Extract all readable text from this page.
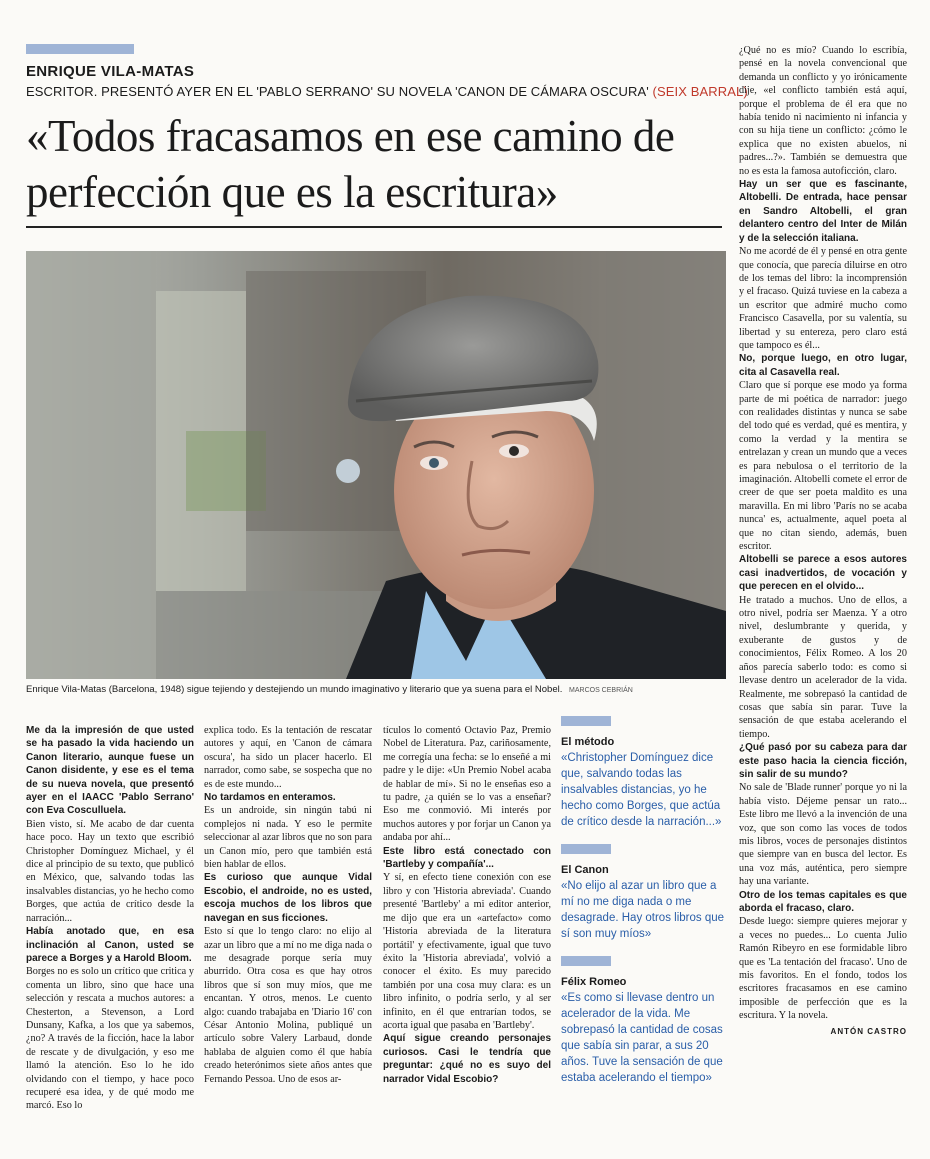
ENRIQUE VILA-MATAS
ESCRITOR. PRESENTÓ AYER EN EL 'PABLO SERRANO' SU NOVELA 'CANON DE CÁMARA OSCURA' (SEIX BARRAL)
«Todos fracasamos en ese camino de perfección que es la escritura»
Enrique Vila-Matas (Barcelona, 1948) sigue tejiendo y destejiendo un mundo imaginativo y literario que ya suena para el Nobel. MARCOS CEBRIÁN

Me da la impresión de que usted se ha pasado la vida haciendo un Canon literario, aunque fuese un Canon disidente, y ese es el tema de su nueva novela, que presentó ayer en el IAACC 'Pablo Serrano' con Eva Cosculluela.

Bien visto, sí. Me acabo de dar cuenta hace poco. Hay un texto que escribió Christopher Domínguez Michael, y él dice al principio de su texto, que publicó en México, que, salvando todas las insalvables distancias, yo he hecho como Borges, que actúa de crítico desde la narración...

Había anotado que, en esa inclinación al Canon, usted se parece a Borges y a Harold Bloom.

Borges no es solo un crítico que critica y comenta un libro, sino que hace una selección y rescata a muchos autores: a Chesterton, a Stevenson, a Lord Dunsany, Kafka, a los que ya sabemos, ¿no? A través de la ficción, hace la labor de rescate y de divulgación, y eso me llamó la atención. Eso lo he ido olvidando con el tiempo, y hace poco recuperé esa idea, y de qué modo me marcó. Eso lo

explica todo. Es la tentación de rescatar autores y aquí, en 'Canon de cámara oscura', ha sido un placer hacerlo. El narrador, como sabe, se sospecha que no es de este mundo...

No tardamos en enteramos.

Es un androide, sin ningún tabú ni complejos ni nada. Y eso le permite seleccionar al azar libros que no son para un Canon mío, pero que también está bien hablar de ellos.

Es curioso que aunque Vidal Escobio, el androide, no es usted, escoja muchos de los libros que navegan en sus ficciones.

Esto sí que lo tengo claro: no elijo al azar un libro que a mí no me diga nada o me desagrade porque sería muy aburrido. Otra cosa es que hay otros libros que sí son muy míos, que me encantan. Y otros, menos. Le cuento algo: cuando trabajaba en 'Diario 16' con César Antonio Molina, publiqué un artículo sobre Valery Larbaud, donde hablaba de alguien como él que había creado heterónimos siete años antes que Fernando Pessoa. Uno de esos ar-

tículos lo comentó Octavio Paz, Premio Nobel de Literatura. Paz, cariñosamente, me corregía una fecha: se lo enseñé a mi padre y le dije: «Un Premio Nobel acaba de hablar de mí». Si no le enseñas eso a tu padre, ¿a quién se lo vas a enseñar? Eso me conmovió. Mi interés por muchos autores y por forjar un Canon ya andaba por ahí...

Este libro está conectado con 'Bartleby y compañía'...

Y sí, en efecto tiene conexión con ese libro y con 'Historia abreviada'. Cuando presenté 'Bartleby' a mi editor anterior, me dijo que era un «artefacto» como 'Historia abreviada de la literatura portátil' y efectivamente, igual que tuvo éxito la 'Historia abreviada', volvió a conocer el éxito. Es muy parecido también por una cosa muy clara: es un libro infinito, o podría serlo, y al ser infinito, en él que entrarían todos, se acorta igual que pasaba en 'Bartleby'.

Aquí sigue creando personajes curiosos. Casi le tendría que preguntar: ¿qué no es suyo del narrador Vidal Escobio?

El método
«Christopher Domínguez dice que, salvando todas las insalvables distancias, yo he hecho como Borges, que actúa de crítico desde la narración...»
El Canon
«No elijo al azar un libro que a mí no me diga nada o me desagrade. Hay otros libros que sí son muy míos»
Félix Romeo
«Es como si llevase dentro un acelerador de la vida. Me sobrepasó la cantidad de cosas que sabía sin parar, a sus 20 años. Tuve la sensación de que estaba acelerando el tiempo»

¿Qué no es mío? Cuando lo escribía, pensé en la novela convencional que demanda un conflicto y yo irónicamente dije, «el conflicto también está aquí, porque el problema de él era que no había tenido ni nacimiento ni infancia y con su hija tiene un conflicto: ¿cómo le explica que no existen abuelos, ni padres...?». También se demuestra que no es esta la famosa autoficción, claro.

Hay un ser que es fascinante, Altobelli. De entrada, hace pensar en Sandro Altobelli, el gran delantero centro del Inter de Milán y de la selección italiana.

No me acordé de él y pensé en otra gente que conocía, que parecía diluirse en otro de los temas del libro: la incomprensión y el fracaso. Quizá tuviese en la cabeza a un escritor que admiré mucho como Francisco Casavella, por su valentía, su libertad y su entereza, pero claro está que tampoco es él...

No, porque luego, en otro lugar, cita al Casavella real.

Claro que sí porque ese modo ya forma parte de mi poética de narrador: juego con realidades distintas y nunca se sabe del todo qué es verdad, qué es mentira, y como la verdad y la mentira se entrelazan y crean un mundo que a veces es para nebulosa o el territorio de la imaginación. Altobelli comete el error de creer de que ser poeta maldito es una maravilla. En mi libro 'París no se acaba nunca' es, actualmente, aquel poeta al que no citan siendo, además, buen escritor.

Altobelli se parece a esos autores casi inadvertidos, de vocación y que perecen en el olvido...

He tratado a muchos. Uno de ellos, a otro nivel, podría ser Maenza. Y a otro nivel, deslumbrante y querida, y exuberante de gustos y de conocimientos, Félix Romeo. A los 20 años parecía saberlo todo: es como si llevase dentro un acelerador de la vida. Realmente, me sobrepasó la cantidad de cosas que sabía sin parar. Tuve la sensación de que estaba acelerando el tiempo.

¿Qué pasó por su cabeza para dar este paso hacia la ciencia ficción, sin salir de su mundo?

No sale de 'Blade runner' porque yo ni la había visto. Déjeme pensar un rato... Este libro me llevó a la invención de una voz, que son como las voces de todos mis libros, voces de personajes distintos que siempre van en busca del lector. Es una voz más, auténtica, pero siempre hay una variante.

Otro de los temas capitales es que aborda el fracaso, claro.

Desde luego: siempre quieres mejorar y a veces no puedes... Lo cuenta Julio Ramón Ribeyro en ese formidable libro que es 'La tentación del fracaso'. Uno de mis favoritos. En el fondo, todos los escritores fracasamos en ese camino imposible de perfección que es la escritura. Y la novela.

ANTÓN CASTRO
